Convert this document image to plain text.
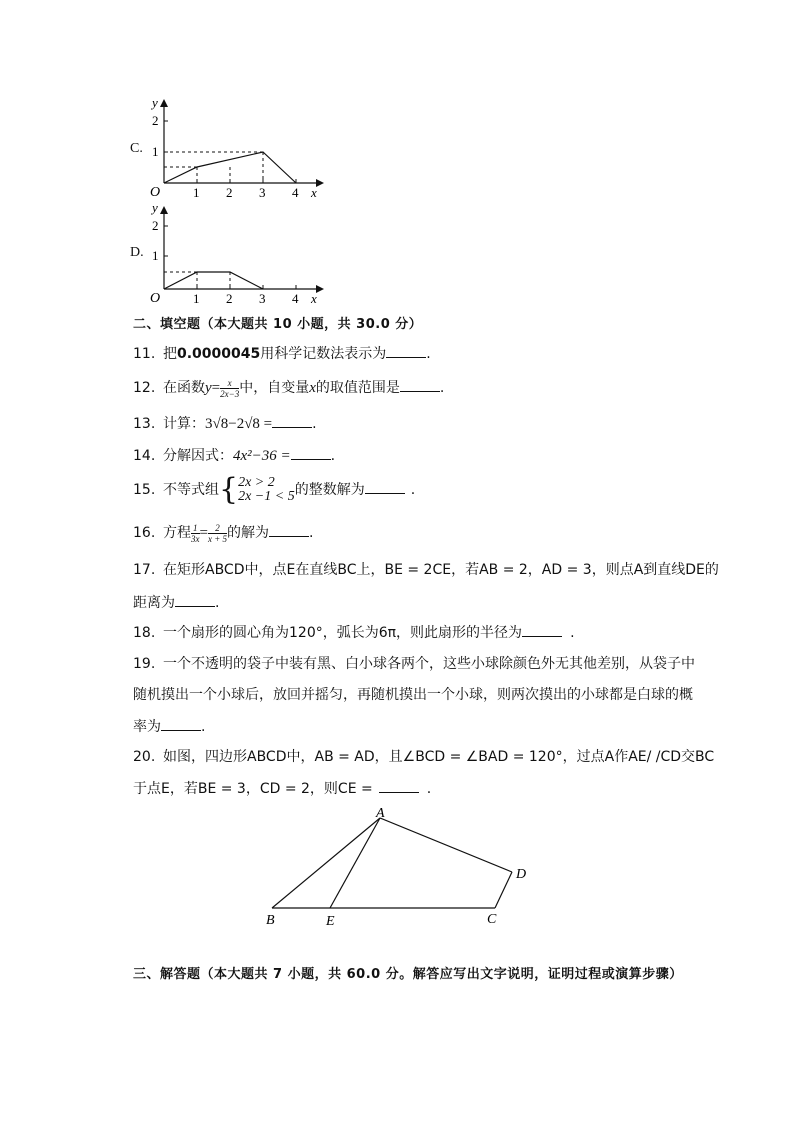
C.
y
2
1
O	1 2 3 4 x
D.
y
2
1
O	1 2 3 4 x
二、填空题（本大题共 10 小题，共 30.0 分）
11. 把0.0000045用科学记数法表示为	.
12. 在函数$y= \frac{x}{2x-3}$ 中，自变量x的取值范围是	.
13. 计算：3√8−2√8 =	.
14. 分解因式：4x²−36 =	.
15. 不等式组{ 2x > 2
2x −1 < 5 的整数解为	.
16. 方程 $\frac{1}{3x} = \frac{2}{x + 5}$ 的解为	.
17. 在矩形ABCD中，点E在直线BC上，BE = 2CE，若AB = 2，AD = 3，则点A到直线DE的
距离为	.
18. 一个扇形的圆心角为120°，弧长为6π，则此扇形的半径为	.
19. 一个不透明的袋子中装有黑、白小球各两个，这些小球除颜色外无其他差别，从袋子中
随机摸出一个小球后，放回并摇匀，再随机摸出一个小球，则两次摸出的小球都是白球的概
率为	.
20. 如图，四边形ABCD中，AB = AD，且∠BCD = ∠BAD = 120°，过点A作AE/ /CD交BC
于点E，若BE = 3，CD = 2，则CE =	.
A
B	E	C
D
三、解答题（本大题共 7 小题，共 60.0 分。解答应写出文字说明，证明过程或演算步骤）
